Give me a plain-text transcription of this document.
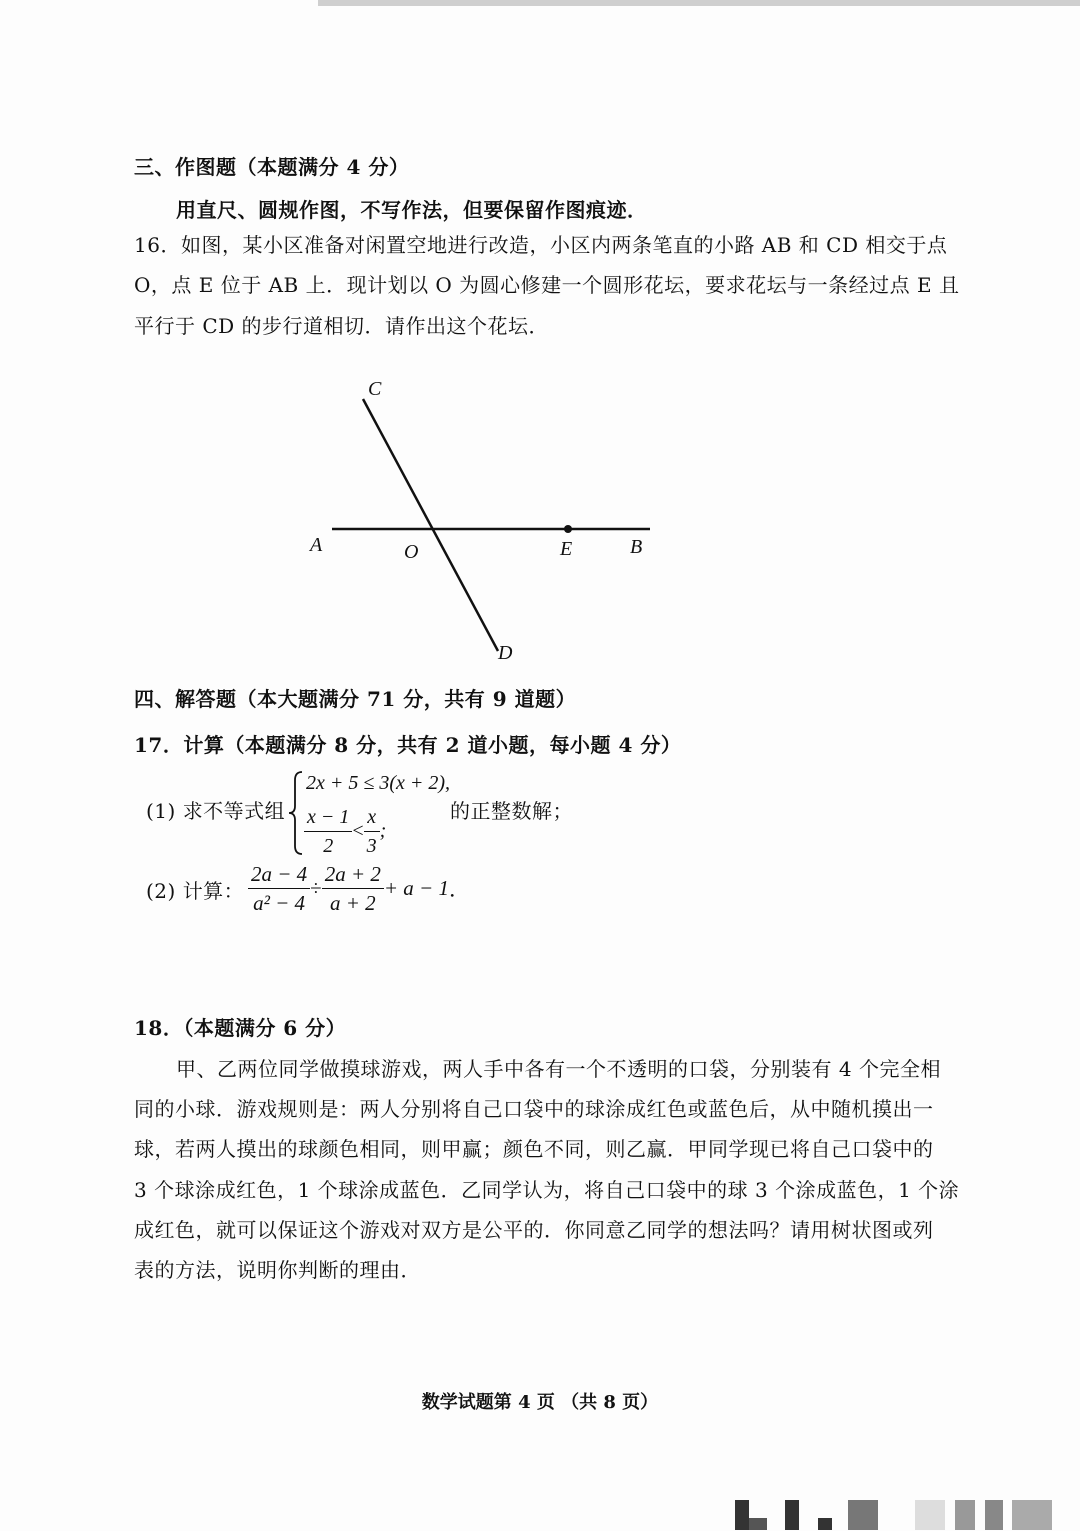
三、作图题（本题满分 4 分）
用直尺、圆规作图，不写作法，但要保留作图痕迹．
16．如图，某小区准备对闲置空地进行改造，小区内两条笔直的小路 AB 和 CD 相交于点
O，点 E 位于 AB 上．现计划以 O 为圆心修建一个圆形花坛，要求花坛与一条经过点 E 且
平行于 CD 的步行道相切．请作出这个花坛．
C
A	O	E	B
D
四、解答题（本大题满分 71 分，共有 9 道题）
17．计算（本题满分 8 分，共有 2 道小题，每小题 4 分）
(1) 求不等式组
2x + 5 ≤ 3(x + 2),
$\frac{x - 1}{2} < \frac{x}{3}$ ;
的正整数解；
(2) 计算： $\frac{2a - 4}{\text{a² − 4}} \div \frac{2a + 2}{a + 2} + a - 1$．
18．（本题满分 6 分）
甲、乙两位同学做摸球游戏，两人手中各有一个不透明的口袋，分别装有 4 个完全相
同的小球．游戏规则是：两人分别将自己口袋中的球涂成红色或蓝色后，从中随机摸出一
球，若两人摸出的球颜色相同，则甲赢；颜色不同，则乙赢．甲同学现已将自己口袋中的
3 个球涂成红色，1 个球涂成蓝色．乙同学认为，将自己口袋中的球 3 个涂成蓝色，1 个涂
成红色，就可以保证这个游戏对双方是公平的．你同意乙同学的想法吗？请用树状图或列
表的方法，说明你判断的理由．
数学试题第 4 页 （共 8 页）
